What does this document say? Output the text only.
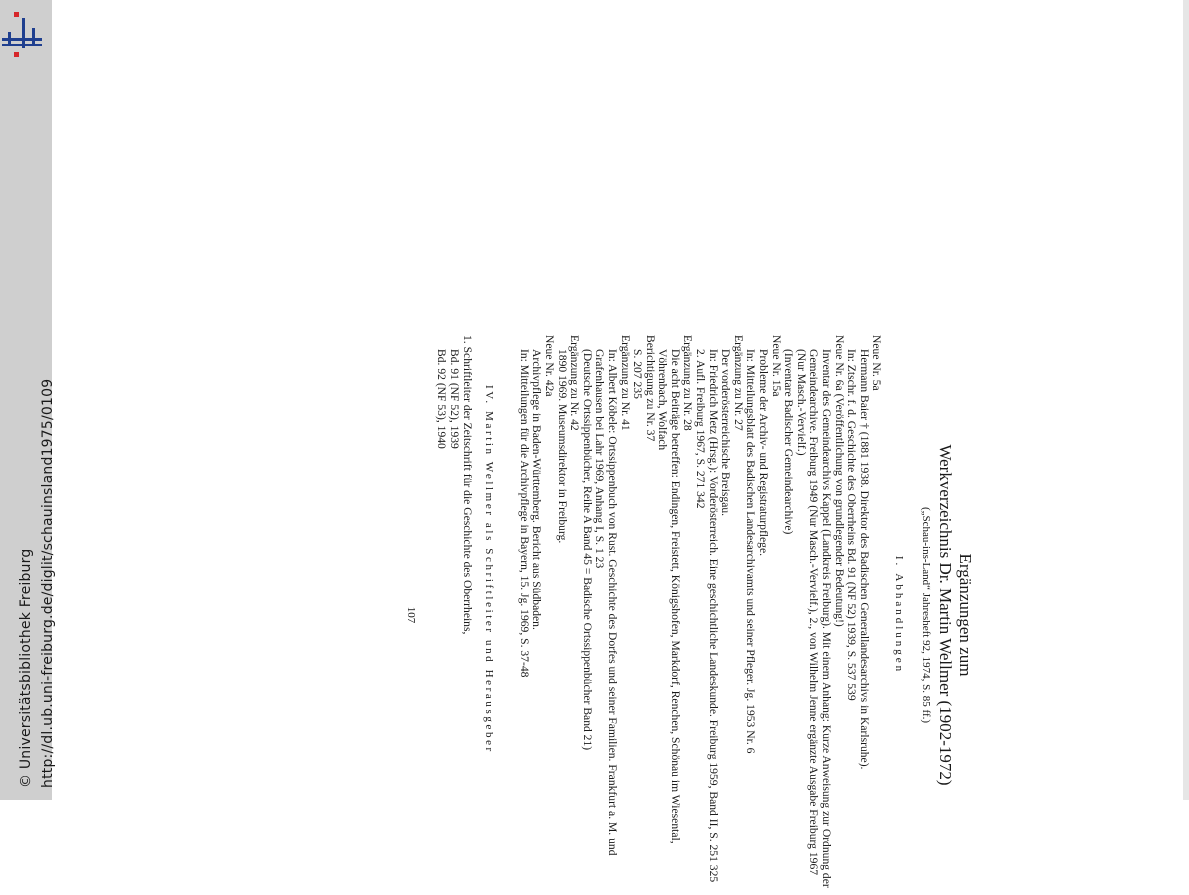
http://dl.ub.uni-freiburg.de/diglit/schauinsland1975/0109
© Universitätsbibliothek Freiburg	Ergänzungen zum

Werkverzeichnis Dr. Martin Wellmer (1902-1972)

(„Schau-ins-Land“ Jahresheft 92, 1974, S. 85 ff.)

I. Abhandlungen

Neue Nr. 5a

Hermann Baier † (1881 1938. Direktor des Badischen Generallandesarchivs in Karlsruhe).

In: Ztschr. f. d. Geschichte des Oberrheins Bd. 91 (NF 52) 1939, S. 537 539

Neue Nr. 6a (Veröffentlichung von grundlegender Bedeutung!)

Inventar des Gemeindearchivs Kappel (Landkreis Freiburg). Mit einem Anhang: Kurze Anweisung zur Ordnung der Gemeindearchive. Freiburg 1949 (Nur Masch.-Vervielf.), 2., von Wilhelm Jenne ergänzte Ausgabe Freiburg 1967 (Nur Masch.-Vervielf.)

(Inventare Badischer Gemeindearchive)

Neue Nr. 15a

Probleme der Archiv- und Registraturpflege.

In: Mitteilungsblatt des Badischen Landesarchivamts und seiner Pfleger. Jg. 1953 Nr. 6

Ergänzung zu Nr. 27

Der vorderösterreichische Breisgau.

In: Friedrich Metz (Hrsg.): Vorderösterreich. Eine geschichtliche Landeskunde. Freiburg 1959, Band II, S. 251 325

2. Aufl. Freiburg 1967, S. 271 342

Ergänzung zu Nr. 28

Die acht Beiträge betreffen: Endingen, Freistett, Königshofen, Markdorf, Renchen, Schönau im Wiesental, Vöhrenbach, Wolfach

Berichtigung zu Nr. 37

S. 207 235

Ergänzung zu Nr. 41

In: Albert Köbele: Ortssippenbuch von Rust. Geschichte des Dorfes und seiner Familien. Frankfurt a. M. und Grafenhausen bei Lahr 1969, Anhang I, S. 1 23

(Deutsche Ortssippenbücher, Reihe A Band 45 = Badische Ortssippenbücher Band 21)

Ergänzung zu Nr. 42

1890 1969. Museumsdirektor in Freiburg.

Neue Nr. 42a

Archivpflege in Baden-Württemberg. Bericht aus Südbaden.

In: Mitteilungen für die Archivpflege in Bayern, 15. Jg. 1969, S. 37-48

IV. Martin Wellmer als Schriftleiter und Herausgeber

1. Schriftleiter der Zeitschrift für die Geschichte des Oberrheins,

Bd. 91 (NF 52), 1939

Bd. 92 (NF 53), 1940

107
